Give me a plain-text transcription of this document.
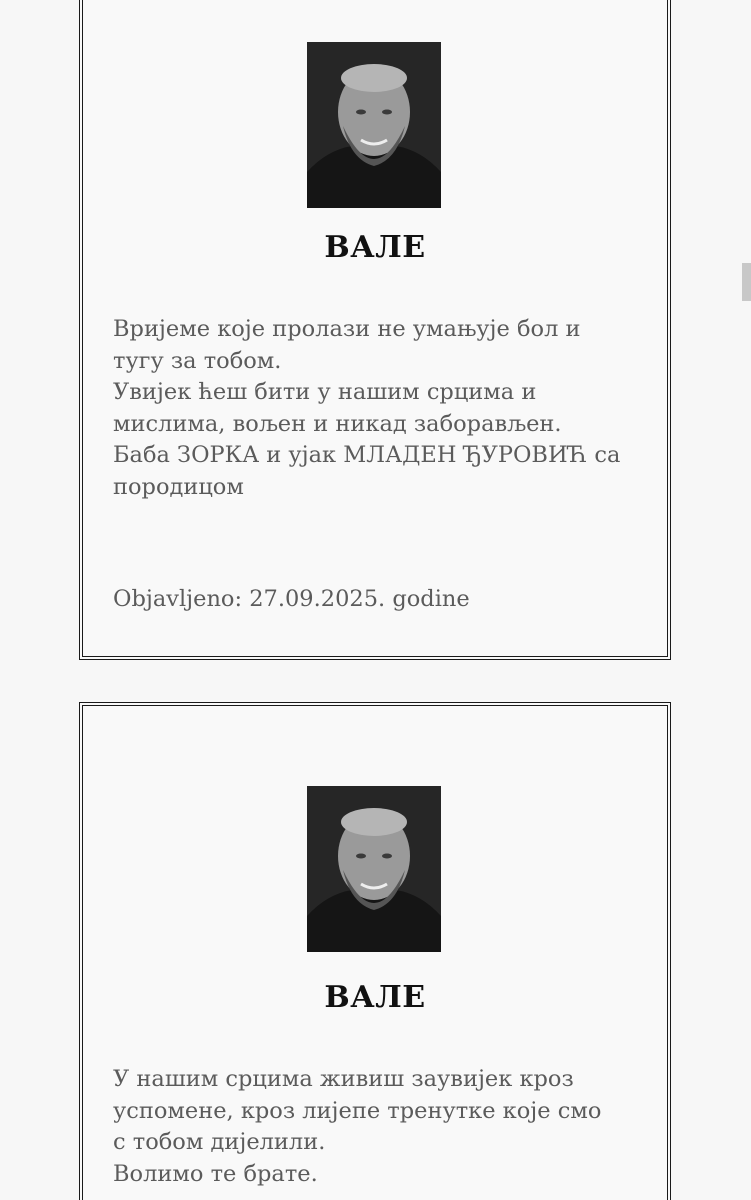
ВАЛЕ
Вријеме које пролази не умањује бол и
тугу за тобом.
Увијек ћеш бити у нашим срцима и
мислима, вољен и никад заборављен.
Баба ЗОРКА и ујак МЛАДЕН ЂУРОВИЋ са
породицом
Objavljeno: 27.09.2025. godine
ВАЛЕ
У нашим срцима живиш заувијек кроз
успомене, кроз лијепе тренутке које смо
с тобом дијелили.
Волимо те брате.
